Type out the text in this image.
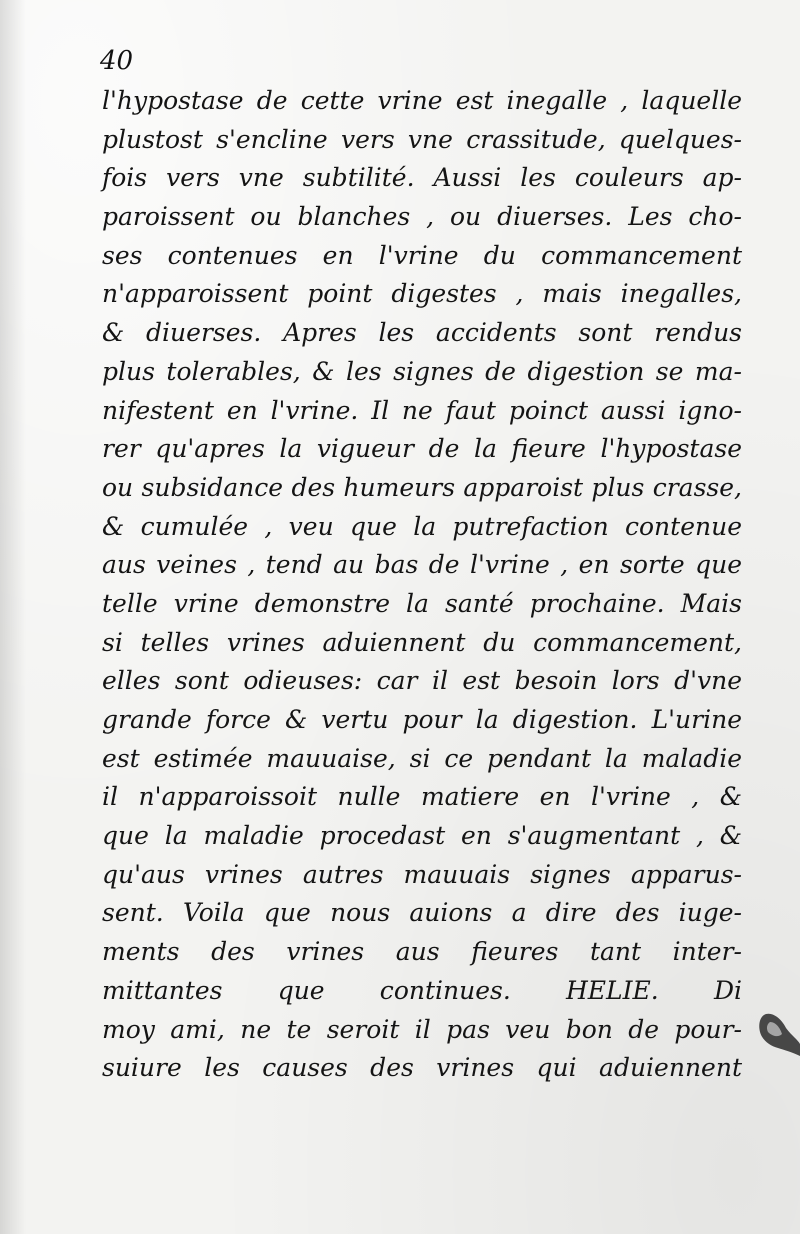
40
l'hypostase de cette vrine est inegalle , laquelle
plustost s'encline vers vne crassitude, quelques-
fois vers vne subtilité. Aussi les couleurs ap-
paroissent ou blanches , ou diuerses. Les cho-
ses contenues en l'vrine du commancement
n'apparoissent point digestes , mais inegalles,
& diuerses. Apres les accidents sont rendus
plus tolerables, & les signes de digestion se ma-
nifestent en l'vrine. Il ne faut poinct aussi igno-
rer qu'apres la vigueur de la fieure l'hypostase
ou subsidance des humeurs apparoist plus crasse,
& cumulée , veu que la putrefaction contenue
aus veines , tend au bas de l'vrine , en sorte que
telle vrine demonstre la santé prochaine. Mais
si telles vrines aduiennent du commancement,
elles sont odieuses: car il est besoin lors d'vne
grande force & vertu pour la digestion. L'urine
est estimée mauuaise, si ce pendant la maladie
il n'apparoissoit nulle matiere en l'vrine , &
que la maladie procedast en s'augmentant , &
qu'aus vrines autres mauuais signes apparus-
sent. Voila que nous auions a dire des iuge-
ments des vrines aus fieures tant inter-
mittantes que continues. HELIE. Di
moy ami, ne te seroit il pas veu bon de pour-
suiure les causes des vrines qui aduiennent
